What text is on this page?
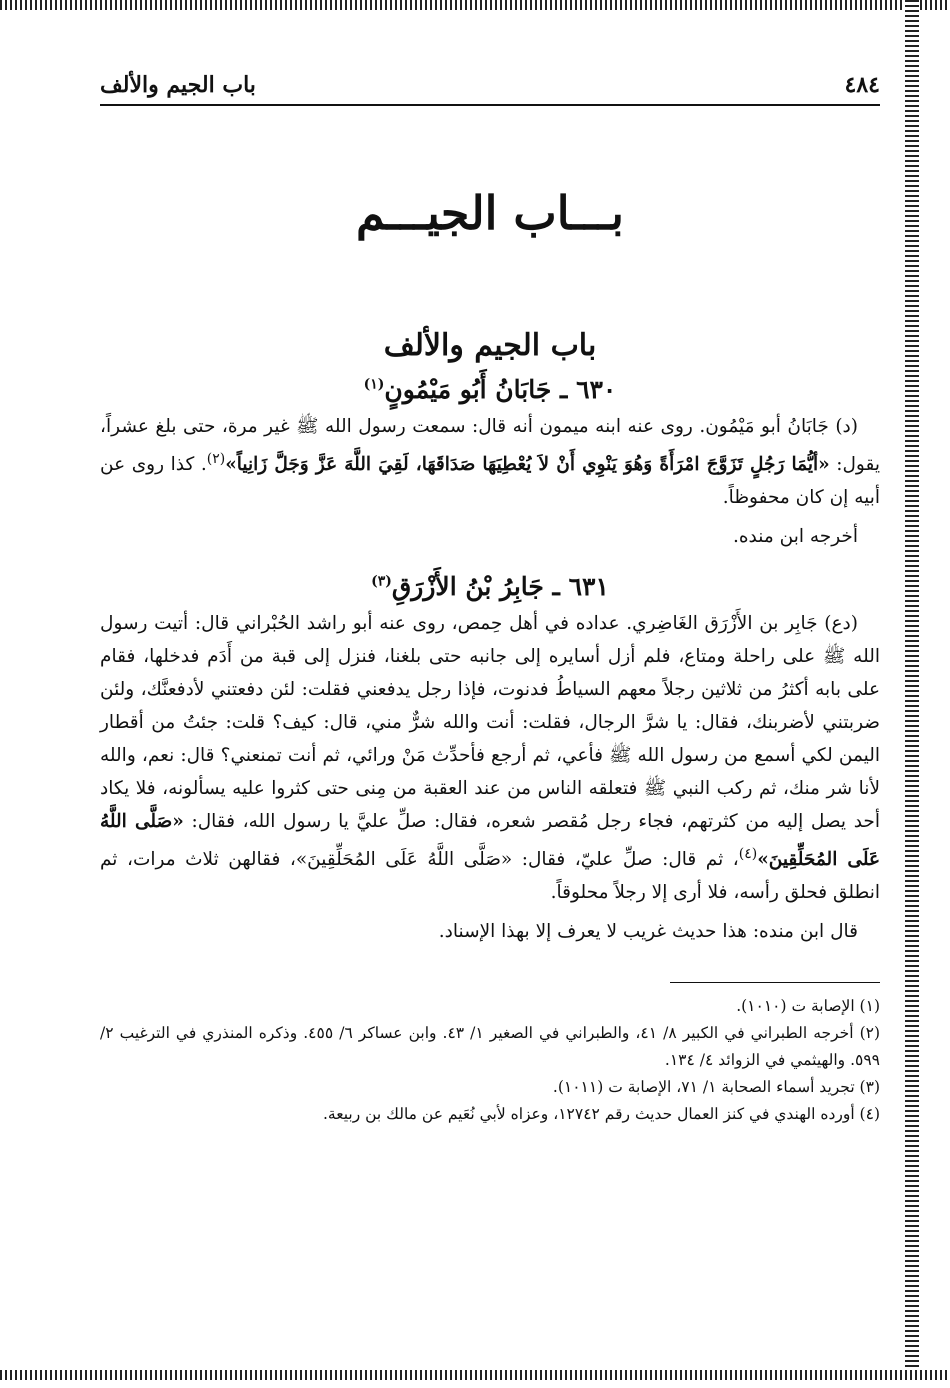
٤٨٤
باب الجيم والألف
بـــاب الجيـــم
باب الجيم والألف
٦٣٠ ـ جَابَانُ أَبُو مَيْمُونٍ$^{(١)}$

(د) جَابَانُ أبو مَيْمُون. روى عنه ابنه ميمون أنه قال: سمعت رسول الله ﷺ غير مرة، حتى بلغ عشراً، يقول: «أيُّمَا رَجُلٍ تَزَوَّجَ امْرَأَةً وَهُوَ يَنْوِي أَنْ لاَ يُعْطِيَهَا صَدَاقَهَا، لَقِيَ اللَّهَ عَزَّ وَجَلَّ زَانِياً»$^{(٢)}$. كذا روى عن أبيه إن كان محفوظاً.

أخرجه ابن منده.

٦٣١ ـ جَابِرُ بْنُ الأَزْرَقِ$^{(٣)}$

(دع) جَابِر بن الأَزْرَق الغَاضِري. عداده في أهل حِمص، روى عنه أبو راشد الحُبْراني قال: أتيت رسول الله ﷺ على راحلة ومتاع، فلم أزل أسايره إلى جانبه حتى بلغنا، فنزل إلى قبة من أَدَم فدخلها، فقام على بابه أكثرُ من ثلاثين رجلاً معهم السياطُ فدنوت، فإذا رجل يدفعني فقلت: لئن دفعتني لأدفعنَّك، ولئن ضربتني لأضربنك، فقال: يا شرَّ الرجال، فقلت: أنت والله شرٌّ مني، قال: كيف؟ قلت: جئتُ من أقطار اليمن لكي أسمع من رسول الله ﷺ فأعي، ثم أرجع فأحدِّث مَنْ ورائي، ثم أنت تمنعني؟ قال: نعم، والله لأنا شر منك، ثم ركب النبي ﷺ فتعلقه الناس من عند العقبة من مِنى حتى كثروا عليه يسألونه، فلا يكاد أحد يصل إليه من كثرتهم، فجاء رجل مُقصر شعره، فقال: صلِّ عليَّ يا رسول الله، فقال: «صَلَّى اللَّهُ عَلَى المُحَلِّقِينَ»$^{(٤)}$، ثم قال: صلِّ عليّ، فقال: «صَلَّى اللَّهُ عَلَى المُحَلِّقِينَ»، فقالهن ثلاث مرات، ثم انطلق فحلق رأسه، فلا أرى إلا رجلاً محلوقاً.

قال ابن منده: هذا حديث غريب لا يعرف إلا بهذا الإسناد.

(١) الإصابة ت (١٠١٠).
(٢) أخرجه الطبراني في الكبير ٨/ ٤١، والطبراني في الصغير ١/ ٤٣. وابن عساكر ٦/ ٤٥٥. وذكره المنذري في الترغيب ٢/ ٥٩٩. والهيثمي في الزوائد ٤/ ١٣٤.
(٣) تجريد أسماء الصحابة ١/ ٧١، الإصابة ت (١٠١١).
(٤) أورده الهندي في كنز العمال حديث رقم ١٢٧٤٢، وعزاه لأبي نُعَيم عن مالك بن ربيعة.
